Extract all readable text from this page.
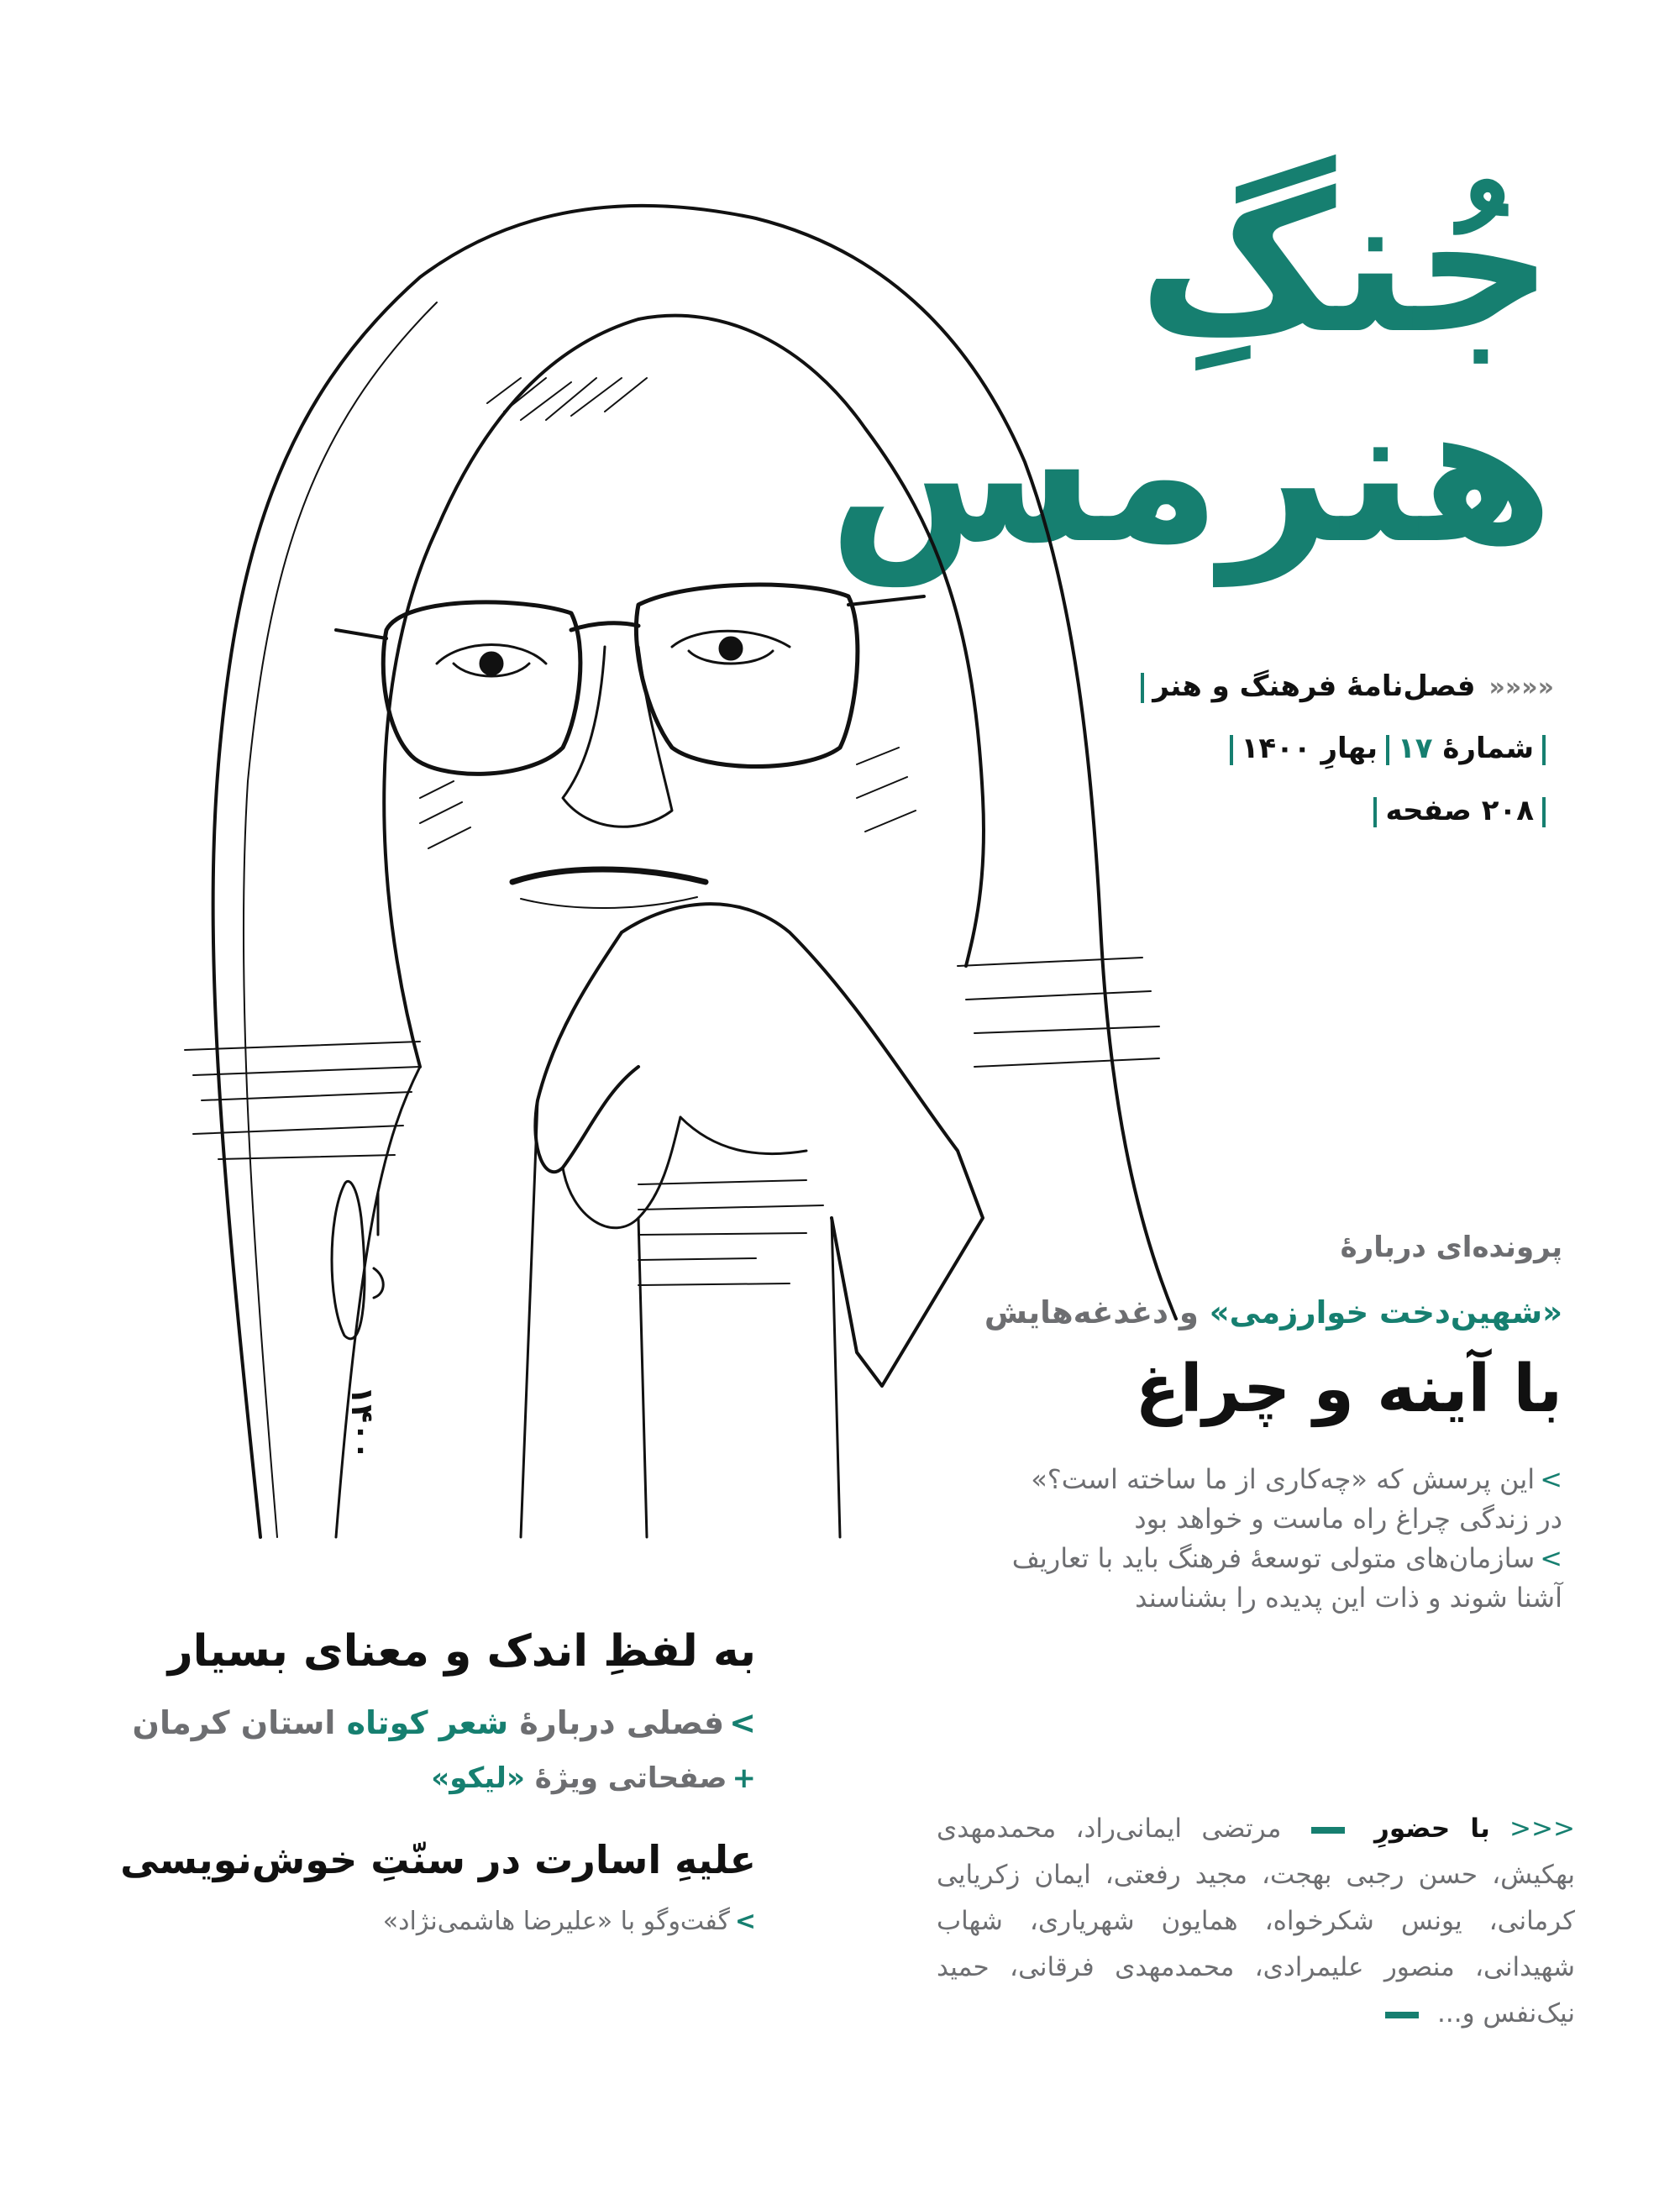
جُنگِ
هنرمس
««««فصل‌نامهٔ فرهنگ و هنر
شمارهٔ ۱۷بهارِ ۱۴۰۰
۲۰۸ صفحه
۱۴۰۰
پرونده‌ای دربارهٔ
«شهین‌دخت خوارزمی» و دغدغه‌هایش
با آینه و چراغ
>این پرسش که «چه‌کاری از ما ساخته است؟»
در زندگی چراغ راه ماست و خواهد بود
>سازمان‌های متولی توسعهٔ فرهنگ باید با تعاریف
آشنا شوند و ذات این پدیده را بشناسند
<<< با حضورِ  مرتضی ایمانی‌راد، محمدمهدی بهکیش، حسن رجبی بهجت، مجید رفعتی، ایمان زکریایی کرمانی، یونس شکرخواه، همایون شهریاری، شهاب شهیدانی، منصور علیمرادی، محمدمهدی فرقانی، حمید نیک‌نفس و...
به لفظِ اندک و معنای بسیار
>فصلی دربارهٔ شعر کوتاه استان کرمان
+صفحاتی ویژهٔ «لیکو»
علیهِ اسارت در سنّتِ خوش‌نویسی
>گفت‌وگو با «علیرضا هاشمی‌نژاد»
